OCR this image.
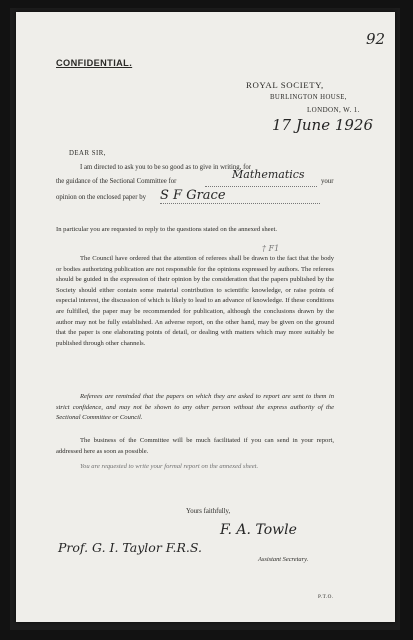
92
CONFIDENTIAL.
ROYAL SOCIETY,
BURLINGTON HOUSE,
LONDON, W. 1.
17 June 1926
DEAR SIR,
I am directed to ask you to be so good as to give in writing, for
the guidance of the Sectional Committee for
Mathematics
your
opinion on the enclosed paper by S F Grace
In particular you are requested to reply to the questions stated on the annexed sheet.
† F1
The Council have ordered that the attention of referees shall be drawn to the fact that the body or bodies authorizing publication are not responsible for the opinions expressed by authors. The referees should be guided in the expression of their opinion by the consideration that the papers published by the Society should either contain some material contribution to scientific knowledge, or raise points of especial interest, the discussion of which is likely to lead to an advance of knowledge. If these conditions are fulfilled, the paper may be recommended for publication, although the conclusions drawn by the author may not be fully established. An adverse report, on the other hand, may be given on the ground that the paper is one elaborating points of detail, or dealing with matters which may more suitably be published through other channels.
Referees are reminded that the papers on which they are asked to report are sent to them in strict confidence, and may not be shown to any other person without the express authority of the Sectional Committee or Council.
The business of the Committee will be much facilitated if you can send in your report, addressed here as soon as possible.
You are requested to write your formal report on the annexed sheet.
Yours faithfully,
F. A. Towle
Prof. G. I. Taylor F.R.S.
Assistant Secretary.
P.T.O.
